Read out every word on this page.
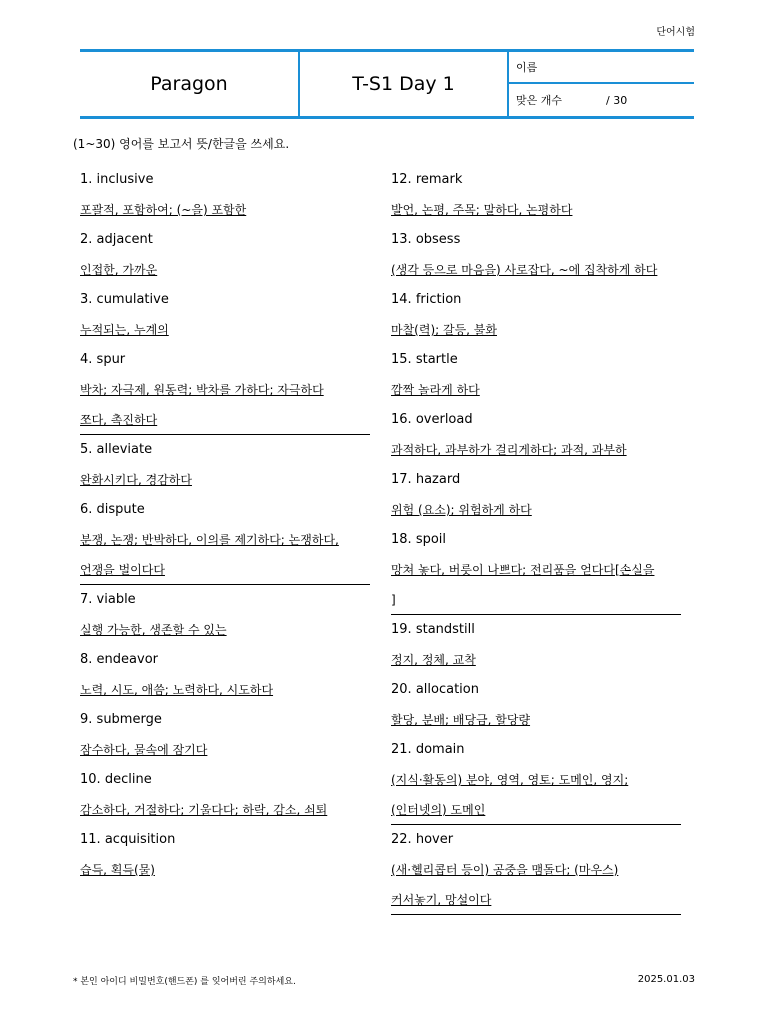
단어시험
Paragon	T-S1 Day 1
이름
맞은 개수	/ 30
(1~30) 영어를 보고서 뜻/한글을 쓰세요.
1. inclusive
포괄적, 포함하여; (~을) 포함한
2. adjacent
인접한, 가까운
3. cumulative
누적되는, 누계의
4. spur
박차; 자극제, 원동력; 박차를 가하다; 자극하다
쪼다, 촉진하다
5. alleviate
완화시키다, 경감하다
6. dispute
분쟁, 논쟁; 반박하다, 이의를 제기하다; 논쟁하다,
언쟁을 벌이다다
7. viable
실행 가능한, 생존할 수 있는
8. endeavor
노력, 시도, 애씀; 노력하다, 시도하다
9. submerge
잠수하다, 물속에 잠기다
10. decline
감소하다, 거절하다; 기울다다; 하락, 감소, 쇠퇴
11. acquisition
습득, 획득(물)
12. remark
발언, 논평, 주목; 말하다, 논평하다
13. obsess
(생각 등으로 마음을) 사로잡다, ~에 집착하게 하다
14. friction
마찰(력); 갈등, 불화
15. startle
깜짝 놀라게 하다
16. overload
과적하다, 과부하가 걸리게하다; 과적, 과부하
17. hazard
위험 (요소); 위험하게 하다
18. spoil
망쳐 놓다, 버릇이 나쁘다; 전리품을 얻다다[손실을
]
19. standstill
정지, 정체, 교착
20. allocation
할당, 분배; 배당금, 할당량
21. domain
(지식·활동의) 분야, 영역, 영토; 도메인, 영지;
(인터넷의) 도메인
22. hover
(새·헬리콥터 등이) 공중을 맴돌다; (마우스)
커서놓기, 망설이다
* 본인 아이디 비밀번호(핸드폰) 를 잊어버린 주의하세요.	2025.01.03
